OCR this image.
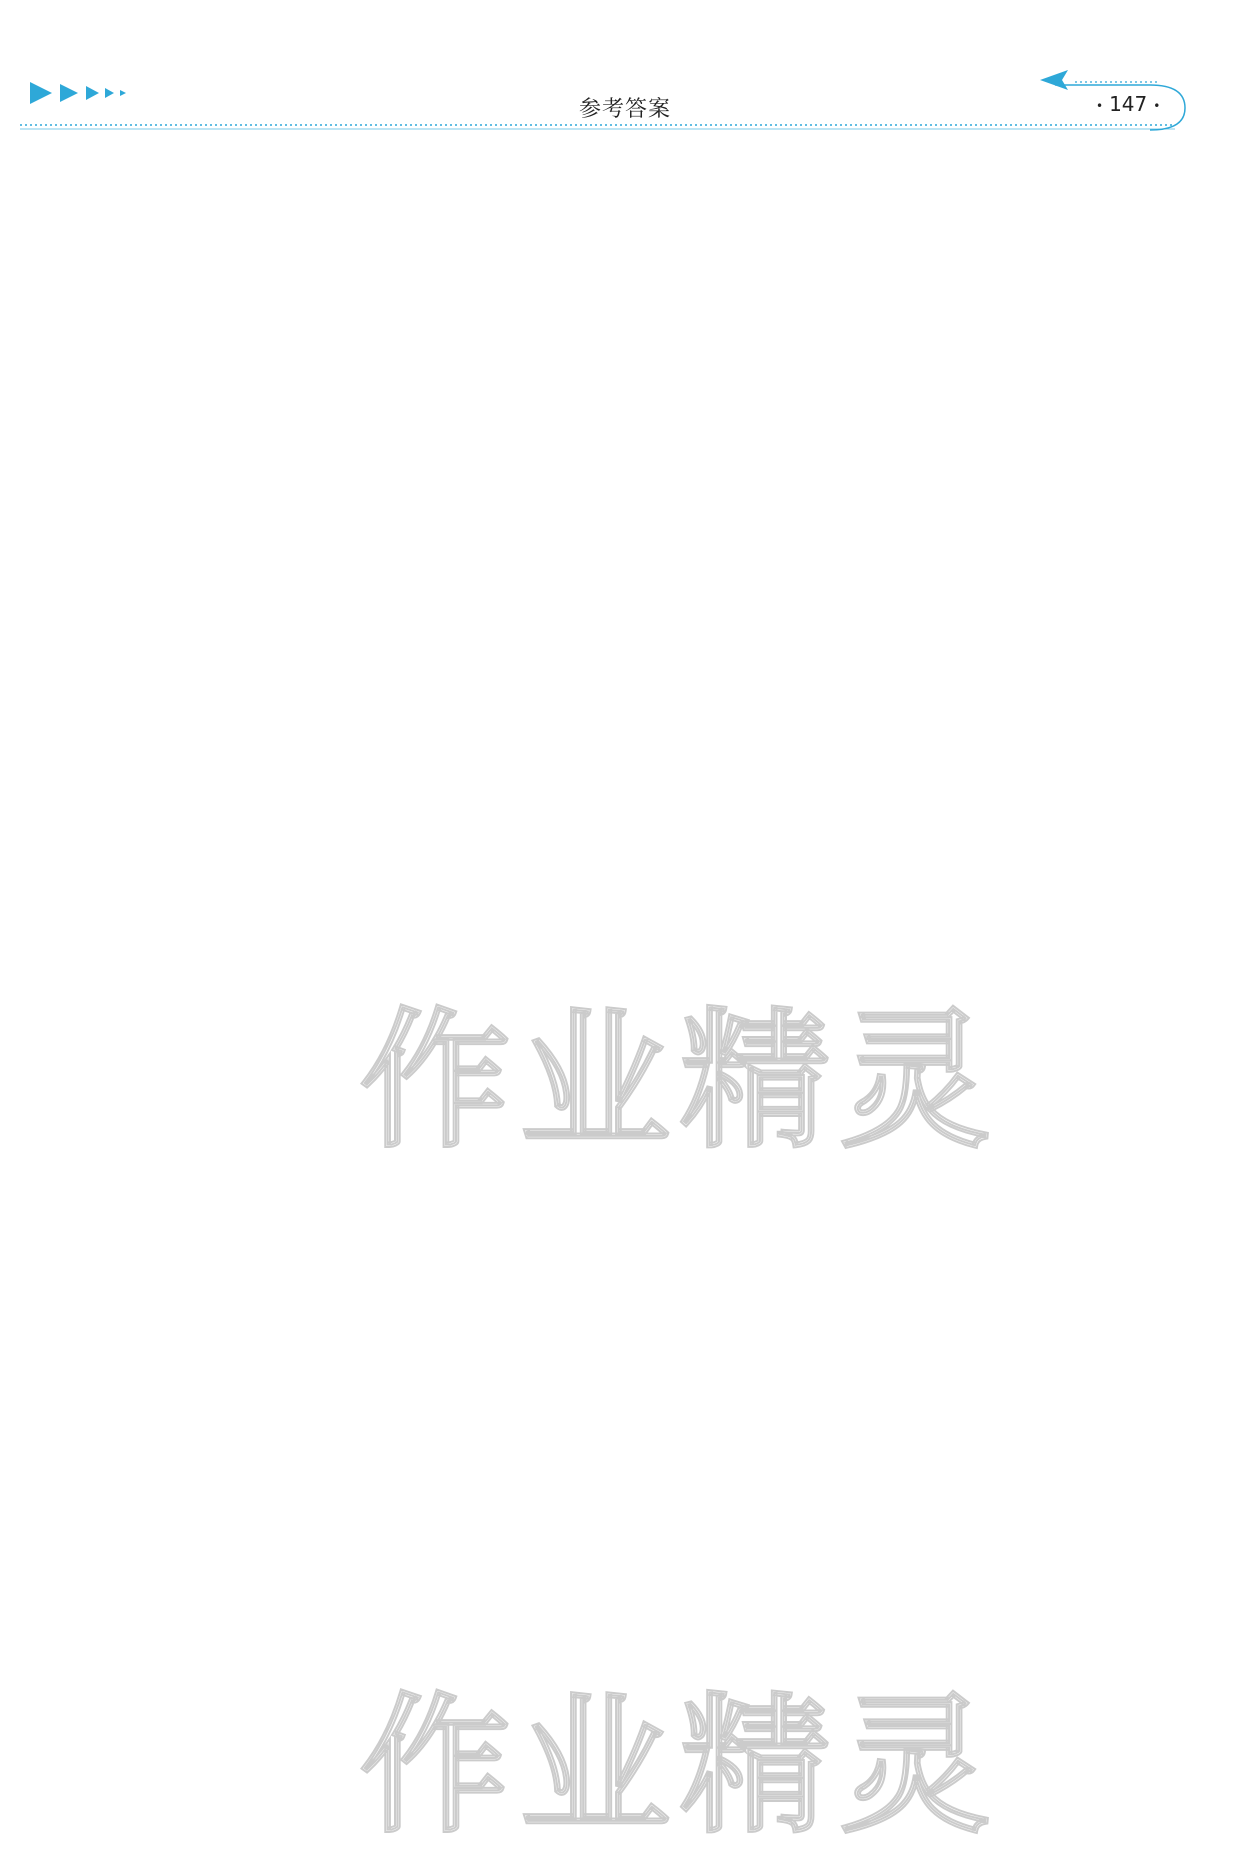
参考答案	• 147 •
作业精灵
作业精灵
